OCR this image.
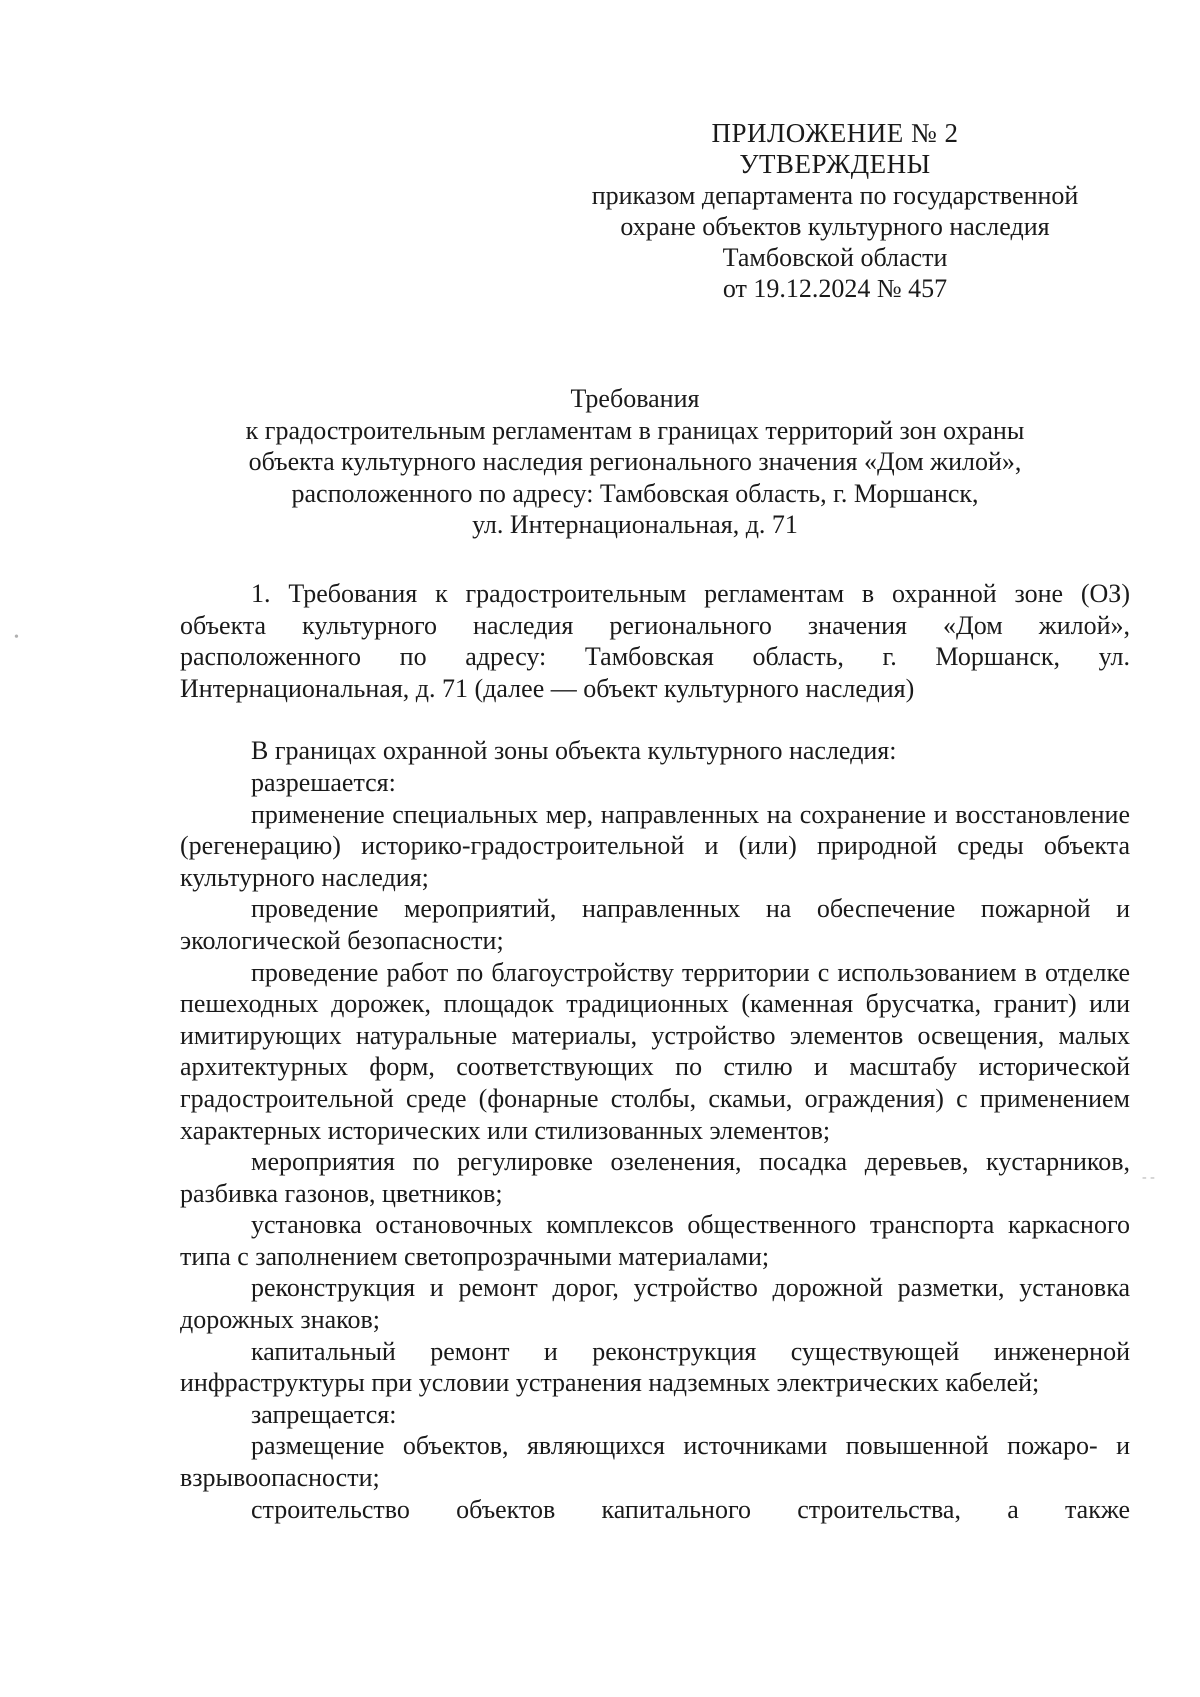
ПРИЛОЖЕНИЕ № 2
УТВЕРЖДЕНЫ
приказом департамента по государственной
охране объектов культурного наследия
Тамбовской области
от 19.12.2024 № 457
Требования
к градостроительным регламентам в границах территорий зон охраны
объекта культурного наследия регионального значения «Дом жилой»,
расположенного по адресу: Тамбовская область, г. Моршанск,
ул. Интернациональная, д. 71

1. Требования к градостроительным регламентам в охранной зоне (ОЗ) объекта культурного наследия регионального значения «Дом жилой», расположенного по адресу: Тамбовская область, г. Моршанск, ул. Интернациональная, д. 71 (далее — объект культурного наследия)

В границах охранной зоны объекта культурного наследия:

разрешается:

применение специальных мер, направленных на сохранение и восстановление (регенерацию) историко-градостроительной и (или) природной среды объекта культурного наследия;

проведение мероприятий, направленных на обеспечение пожарной и экологической безопасности;

проведение работ по благоустройству территории с использованием в отделке пешеходных дорожек, площадок традиционных (каменная брусчатка, гранит) или имитирующих натуральные материалы, устройство элементов освещения, малых архитектурных форм, соответствующих по стилю и масштабу исторической градостроительной среде (фонарные столбы, скамьи, ограждения) с применением характерных исторических или стилизованных элементов;

мероприятия по регулировке озеленения, посадка деревьев, кустарников, разбивка газонов, цветников;

установка остановочных комплексов общественного транспорта каркасного типа с заполнением светопрозрачными материалами;

реконструкция и ремонт дорог, устройство дорожной разметки, установка дорожных знаков;

капитальный ремонт и реконструкция существующей инженерной инфраструктуры при условии устранения надземных электрических кабелей;

запрещается:

размещение объектов, являющихся источниками повышенной пожаро- и взрывоопасности;

строительство объектов капитального строительства, а также

•
- -
